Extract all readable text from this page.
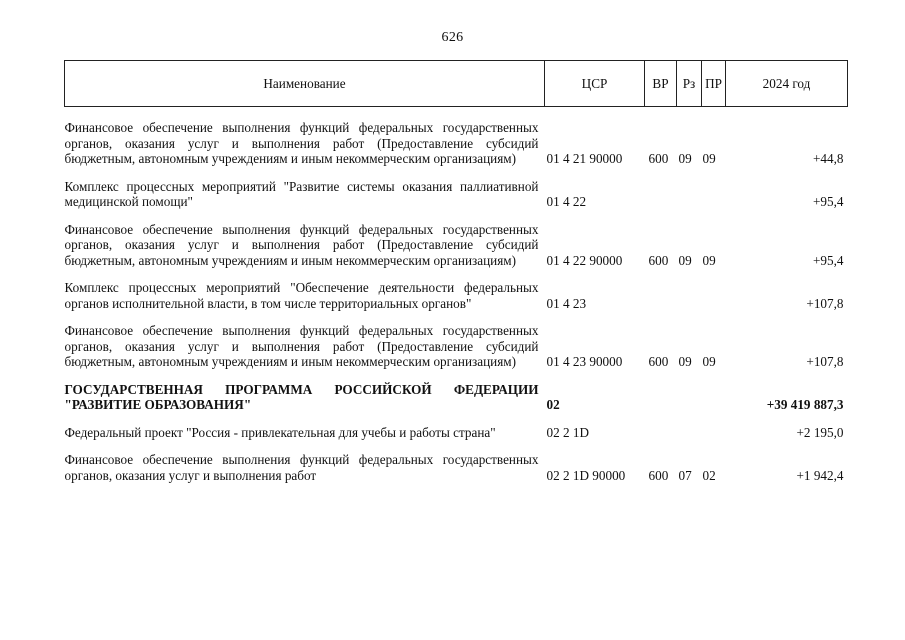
626
Наименование	ЦСР	ВР	Рз	ПР	2024 год
Финансовое обеспечение выполнения функций федеральных государственных органов, оказания услуг и выполнения работ (Предоставление субсидий бюджетным, автономным учреждениям и иным некоммерческим организациям)	01 4 21 90000	600	09	09	+44,8
Комплекс процессных мероприятий "Развитие системы оказания паллиативной медицинской помощи"	01 4 22				+95,4
Финансовое обеспечение выполнения функций федеральных государственных органов, оказания услуг и выполнения работ (Предоставление субсидий бюджетным, автономным учреждениям и иным некоммерческим организациям)	01 4 22 90000	600	09	09	+95,4
Комплекс процессных мероприятий "Обеспечение деятельности федеральных органов исполнительной власти, в том числе территориальных органов"	01 4 23				+107,8
Финансовое обеспечение выполнения функций федеральных государственных органов, оказания услуг и выполнения работ (Предоставление субсидий бюджетным, автономным учреждениям и иным некоммерческим организациям)	01 4 23 90000	600	09	09	+107,8
ГОСУДАРСТВЕННАЯ ПРОГРАММА РОССИЙСКОЙ ФЕДЕРАЦИИ "РАЗВИТИЕ ОБРАЗОВАНИЯ"	02				+39 419 887,3
Федеральный проект "Россия - привлекательная для учебы и работы страна"	02 2 1D				+2 195,0
Финансовое обеспечение выполнения функций федеральных государственных органов, оказания услуг и выполнения работ	02 2 1D 90000	600	07	02	+1 942,4
